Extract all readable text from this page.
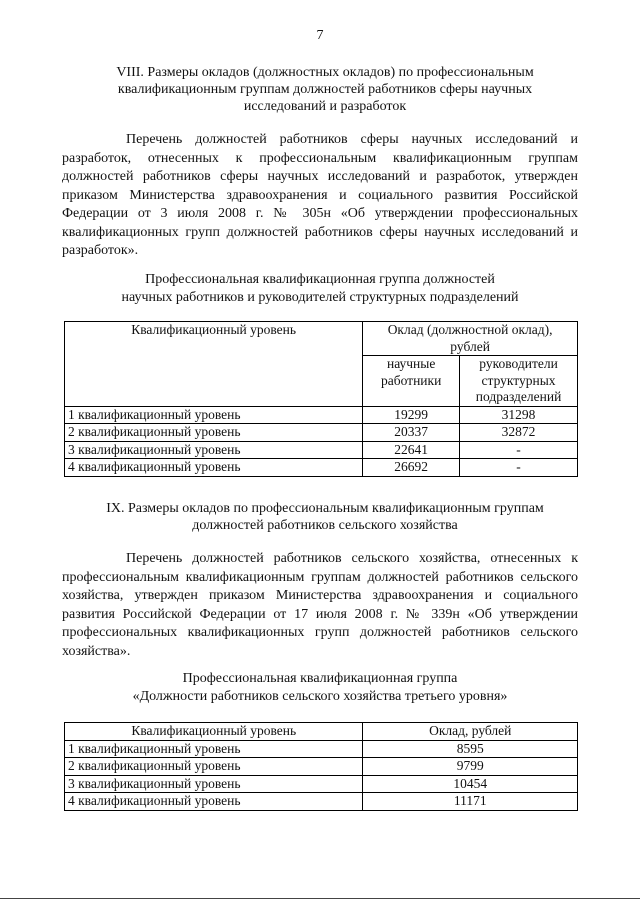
7
VIII. Размеры окладов (должностных окладов) по профессиональным
квалификационным группам должностей работников сферы научных
исследований и разработок
Перечень должностей работников сферы научных исследований и разработок, отнесенных к профессиональным квалификационным группам должностей работников сферы научных исследований и разработок, утвержден приказом Министерства здравоохранения и социального развития Российской Федерации от 3 июля 2008 г. № 305н «Об утверждении профессиональных квалификационных групп должностей работников сферы научных исследований и разработок».
Профессиональная квалификационная группа должностей
научных работников и руководителей структурных подразделений
Квалификационный уровень	Оклад (должностной оклад), рублей	
	научные работники	руководители структурных подразделений
1 квалификационный уровень	19299	31298
2 квалификационный уровень	20337	32872
3 квалификационный уровень	22641	-
4 квалификационный уровень	26692	-
IX. Размеры окладов по профессиональным квалификационным группам
должностей работников сельского хозяйства
Перечень должностей работников сельского хозяйства, отнесенных к профессиональным квалификационным группам должностей работников сельского хозяйства, утвержден приказом Министерства здравоохранения и социального развития Российской Федерации от 17 июля 2008 г. № 339н «Об утверждении профессиональных квалификационных групп должностей работников сельского хозяйства».
Профессиональная квалификационная группа
«Должности работников сельского хозяйства третьего уровня»
Квалификационный уровень	Оклад, рублей
1 квалификационный уровень	8595
2 квалификационный уровень	9799
3 квалификационный уровень	10454
4 квалификационный уровень	11171
